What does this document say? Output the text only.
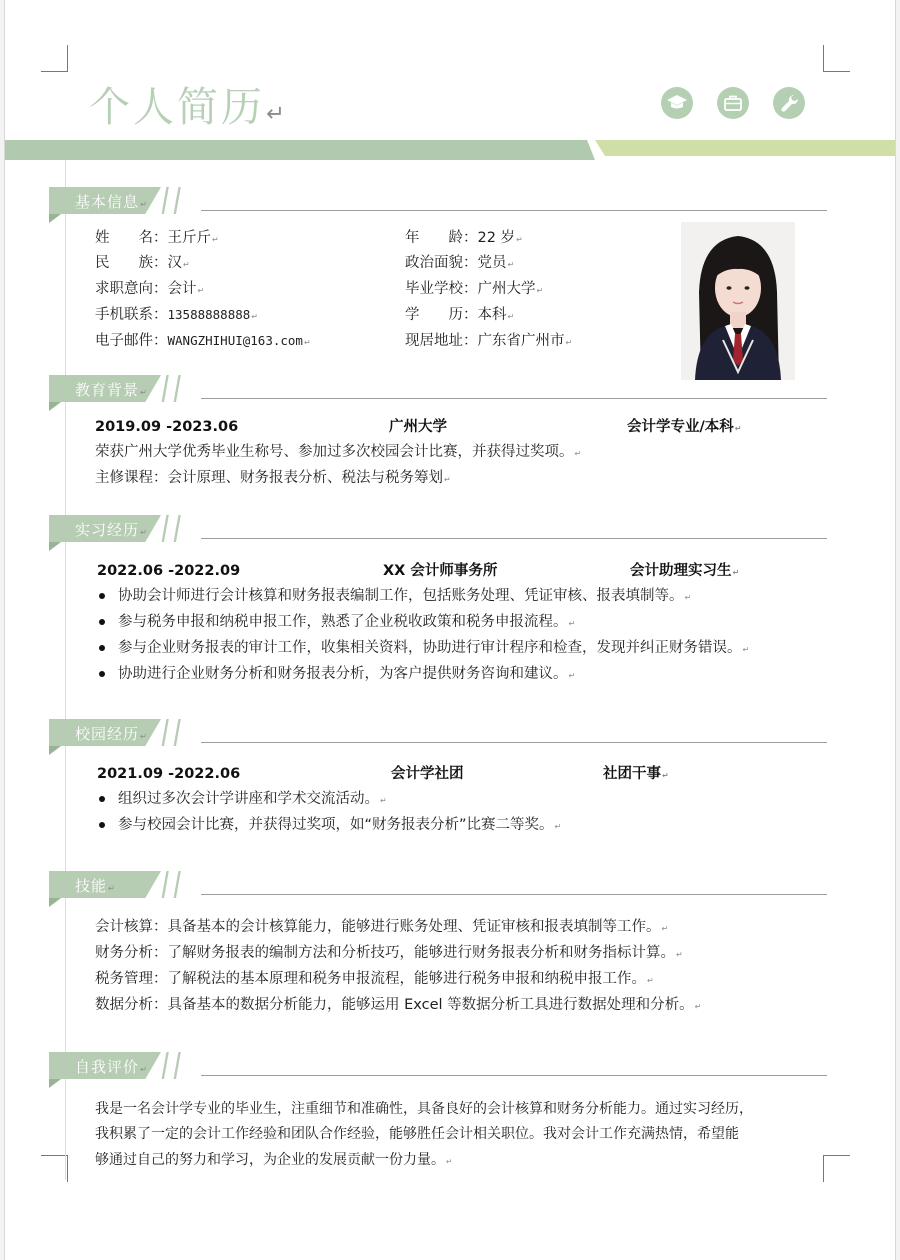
个人简历↵
基本信息↵
姓　　名：王斤斤↵
民　　族：汉↵
求职意向：会计↵
手机联系：13588888888↵
电子邮件：WANGZHIHUI@163.com↵
年　　龄：22 岁↵
政治面貌：党员↵
毕业学校：广州大学↵
学　　历：本科↵
现居地址：广东省广州市↵
教育背景↵
2019.09 -2023.06	广州大学	会计学专业/本科↵
荣获广州大学优秀毕业生称号、参加过多次校园会计比赛，并获得过奖项。↵
主修课程：会计原理、财务报表分析、税法与税务筹划↵
实习经历↵
2022.06 -2022.09	XX 会计师事务所	会计助理实习生↵
协助会计师进行会计核算和财务报表编制工作，包括账务处理、凭证审核、报表填制等。↵
参与税务申报和纳税申报工作，熟悉了企业税收政策和税务申报流程。↵
参与企业财务报表的审计工作，收集相关资料，协助进行审计程序和检查，发现并纠正财务错误。↵
协助进行企业财务分析和财务报表分析，为客户提供财务咨询和建议。↵
校园经历↵
2021.09 -2022.06	会计学社团	社团干事↵
组织过多次会计学讲座和学术交流活动。↵
参与校园会计比赛，并获得过奖项，如“财务报表分析”比赛二等奖。↵
技能↵
会计核算：具备基本的会计核算能力，能够进行账务处理、凭证审核和报表填制等工作。↵
财务分析：了解财务报表的编制方法和分析技巧，能够进行财务报表分析和财务指标计算。↵
税务管理：了解税法的基本原理和税务申报流程，能够进行税务申报和纳税申报工作。↵
数据分析：具备基本的数据分析能力，能够运用 Excel 等数据分析工具进行数据处理和分析。↵
自我评价↵
我是一名会计学专业的毕业生，注重细节和准确性，具备良好的会计核算和财务分析能力。通过实习经历，
我积累了一定的会计工作经验和团队合作经验，能够胜任会计相关职位。我对会计工作充满热情，希望能
够通过自己的努力和学习，为企业的发展贡献一份力量。↵
